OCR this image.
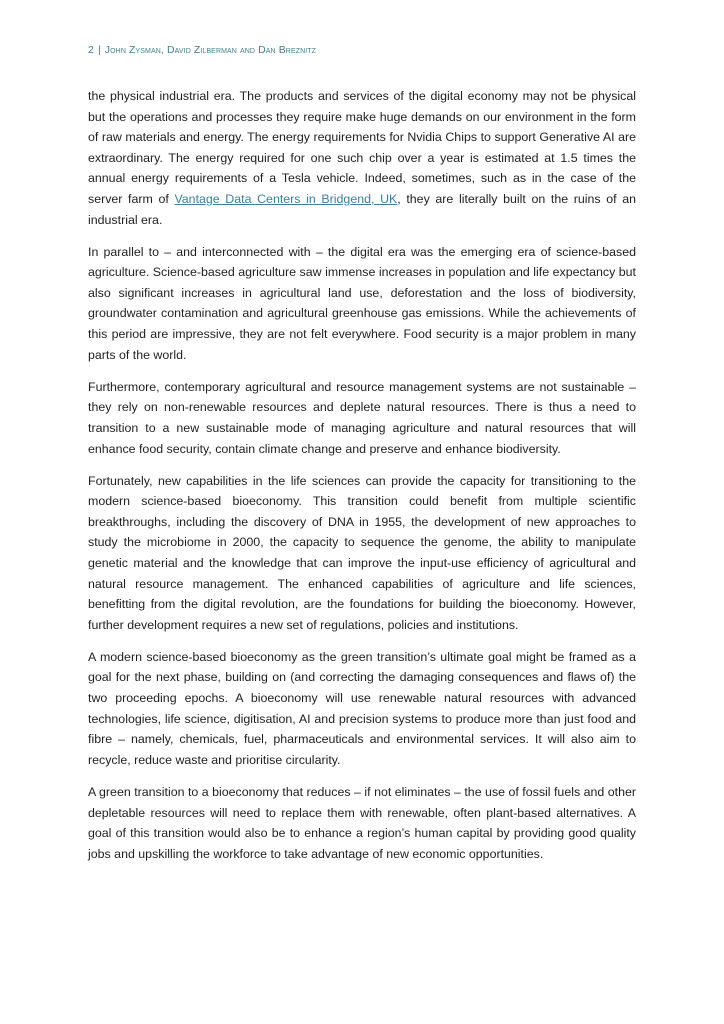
2 | John Zysman, David Zilberman and Dan Breznitz

the physical industrial era. The products and services of the digital economy may not be physical but the operations and processes they require make huge demands on our environment in the form of raw materials and energy. The energy requirements for Nvidia Chips to support Generative AI are extraordinary. The energy required for one such chip over a year is estimated at 1.5 times the annual energy requirements of a Tesla vehicle. Indeed, sometimes, such as in the case of the server farm of Vantage Data Centers in Bridgend, UK, they are literally built on the ruins of an industrial era.

In parallel to – and interconnected with – the digital era was the emerging era of science-based agriculture. Science-based agriculture saw immense increases in population and life expectancy but also significant increases in agricultural land use, deforestation and the loss of biodiversity, groundwater contamination and agricultural greenhouse gas emissions. While the achievements of this period are impressive, they are not felt everywhere. Food security is a major problem in many parts of the world.

Furthermore, contemporary agricultural and resource management systems are not sustainable – they rely on non-renewable resources and deplete natural resources. There is thus a need to transition to a new sustainable mode of managing agriculture and natural resources that will enhance food security, contain climate change and preserve and enhance biodiversity.

Fortunately, new capabilities in the life sciences can provide the capacity for transitioning to the modern science-based bioeconomy. This transition could benefit from multiple scientific breakthroughs, including the discovery of DNA in 1955, the development of new approaches to study the microbiome in 2000, the capacity to sequence the genome, the ability to manipulate genetic material and the knowledge that can improve the input-use efficiency of agricultural and natural resource management. The enhanced capabilities of agriculture and life sciences, benefitting from the digital revolution, are the foundations for building the bioeconomy. However, further development requires a new set of regulations, policies and institutions.

A modern science-based bioeconomy as the green transition’s ultimate goal might be framed as a goal for the next phase, building on (and correcting the damaging consequences and flaws of) the two proceeding epochs. A bioeconomy will use renewable natural resources with advanced technologies, life science, digitisation, AI and precision systems to produce more than just food and fibre – namely, chemicals, fuel, pharmaceuticals and environmental services. It will also aim to recycle, reduce waste and prioritise circularity.

A green transition to a bioeconomy that reduces – if not eliminates – the use of fossil fuels and other depletable resources will need to replace them with renewable, often plant-based alternatives. A goal of this transition would also be to enhance a region’s human capital by providing good quality jobs and upskilling the workforce to take advantage of new economic opportunities.
